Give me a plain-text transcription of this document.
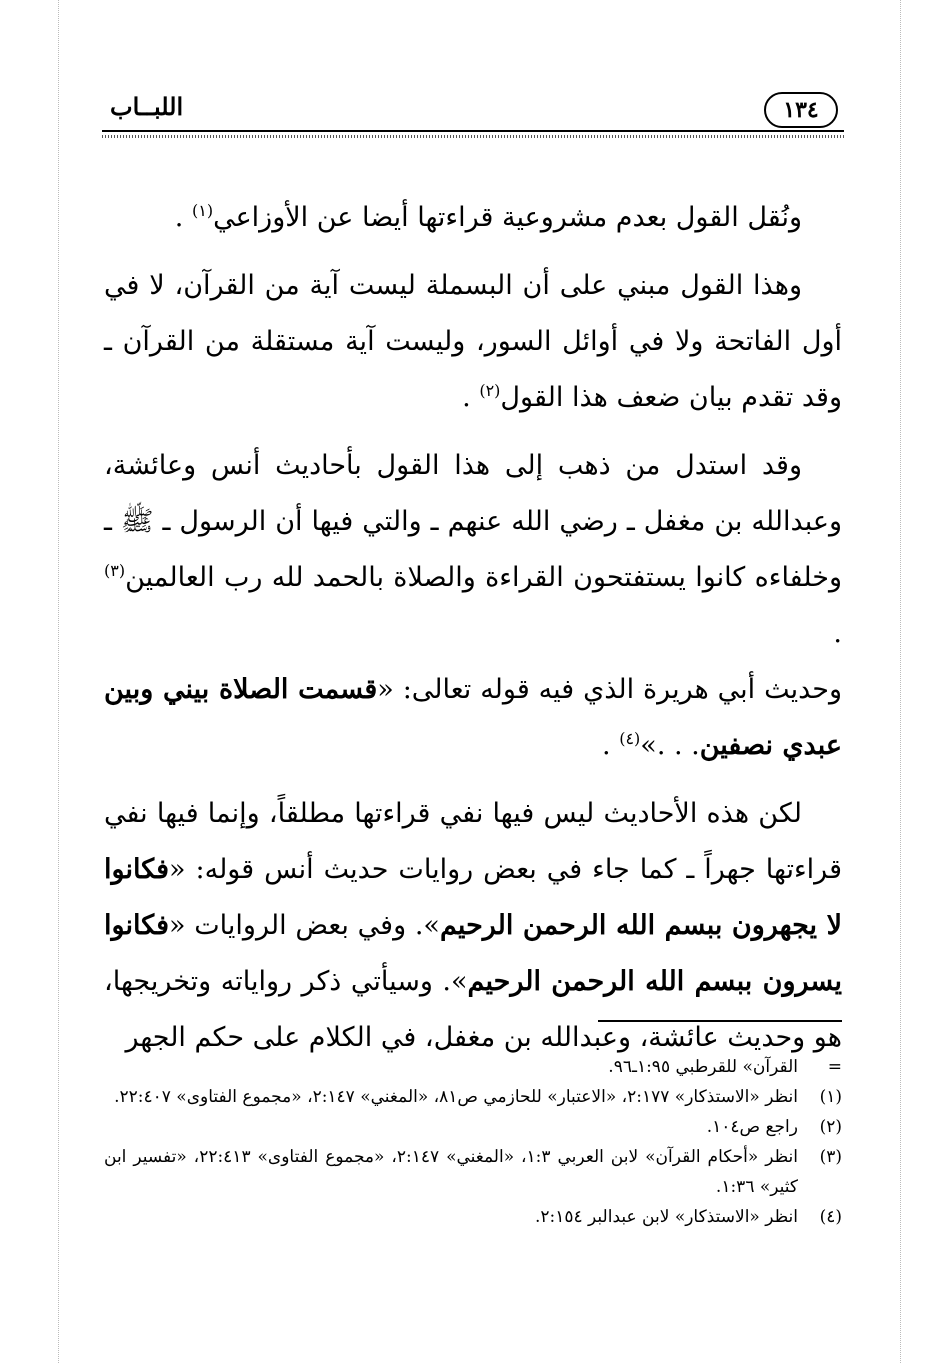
١٣٤
اللبــاب

ونُقل القول بعدم مشروعية قراءتها أيضا عن الأوزاعي$^{(١)}$ .

وهذا القول مبني على أن البسملة ليست آية من القرآن، لا في أول الفاتحة ولا في أوائل السور، وليست آية مستقلة من القرآن ـ وقد تقدم بيان ضعف هذا القول$^{(٢)}$ .

وقد استدل من ذهب إلى هذا القول بأحاديث أنس وعائشة، وعبدالله بن مغفل ـ رضي الله عنهم ـ والتي فيها أن الرسول ـ ﷺ ـ وخلفاءه كانوا يستفتحون القراءة والصلاة بالحمد لله رب العالمين$^{(٣)}$ .
وحديث أبي هريرة الذي فيه قوله تعالى: «قسمت الصلاة بيني وبين عبدي نصفين. . .»$^{(٤)}$ .

لكن هذه الأحاديث ليس فيها نفي قراءتها مطلقاً، وإنما فيها نفي قراءتها جهراً ـ كما جاء في بعض روايات حديث أنس قوله: «فكانوا لا يجهرون ببسم الله الرحمن الرحيم». وفي بعض الروايات «فكانوا يسرون ببسم الله الرحمن الرحيم». وسيأتي ذكر رواياته وتخريجها، هو وحديث عائشة، وعبدالله بن مغفل، في الكلام على حكم الجهر

=
القرآن» للقرطبي ١:٩٥ـ٩٦.
(١)
انظر «الاستذكار» ٢:١٧٧، «الاعتبار» للحازمي ص٨١، «المغني» ٢:١٤٧، «مجموع الفتاوى» ٢٢:٤٠٧.
(٢)
راجع ص١٠٤.
(٣)
انظر «أحكام القرآن» لابن العربي ١:٣، «المغني» ٢:١٤٧، «مجموع الفتاوى» ٢٢:٤١٣، «تفسير ابن كثير» ١:٣٦.
(٤)
انظر «الاستذكار» لابن عبدالبر ٢:١٥٤.
